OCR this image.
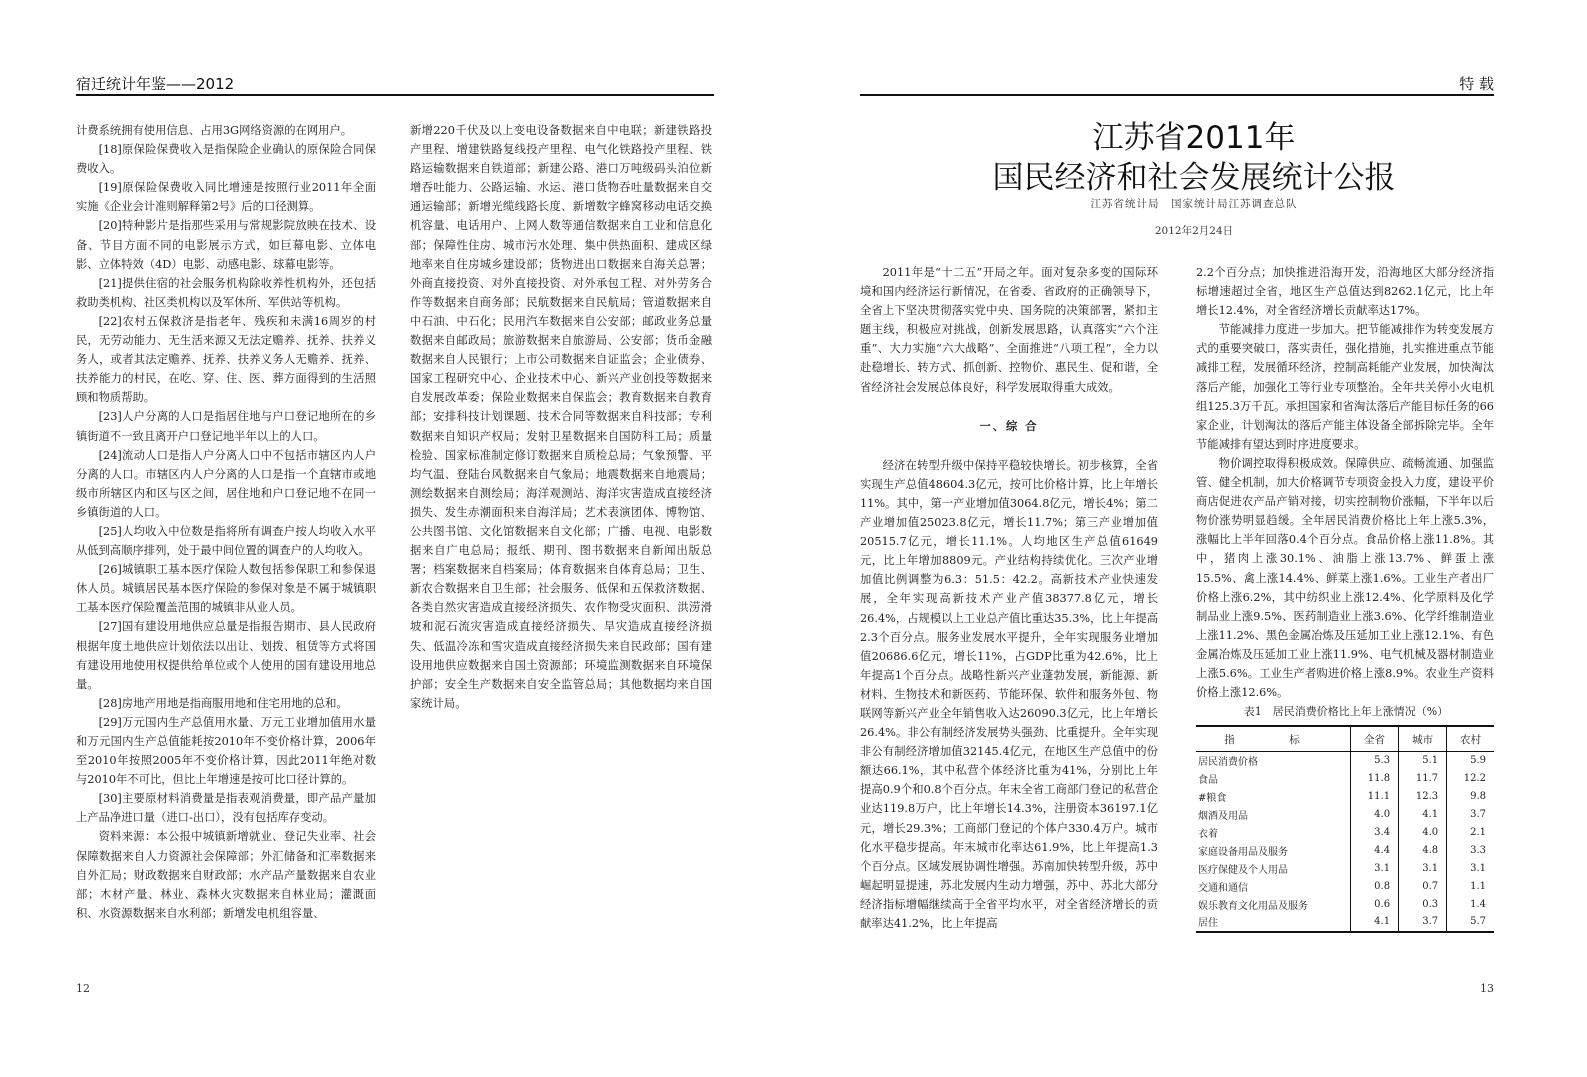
宿迁统计年鉴——2012

计费系统拥有使用信息、占用3G网络资源的在网用户。

[18]原保险保费收入是指保险企业确认的原保险合同保费收入。

[19]原保险保费收入同比增速是按照行业2011年全面实施《企业会计准则解释第2号》后的口径测算。

[20]特种影片是指那些采用与常规影院放映在技术、设备、节目方面不同的电影展示方式，如巨幕电影、立体电影、立体特效（4D）电影、动感电影、球幕电影等。

[21]提供住宿的社会服务机构除收养性机构外，还包括救助类机构、社区类机构以及军休所、军供站等机构。

[22]农村五保救济是指老年、残疾和未满16周岁的村民，无劳动能力、无生活来源又无法定赡养、抚养、扶养义务人，或者其法定赡养、抚养、扶养义务人无赡养、抚养、扶养能力的村民，在吃、穿、住、医、葬方面得到的生活照顾和物质帮助。

[23]人户分离的人口是指居住地与户口登记地所在的乡镇街道不一致且离开户口登记地半年以上的人口。

[24]流动人口是指人户分离人口中不包括市辖区内人户分离的人口。市辖区内人户分离的人口是指一个直辖市或地级市所辖区内和区与区之间，居住地和户口登记地不在同一乡镇街道的人口。

[25]人均收入中位数是指将所有调查户按人均收入水平从低到高顺序排列，处于最中间位置的调查户的人均收入。

[26]城镇职工基本医疗保险人数包括参保职工和参保退休人员。城镇居民基本医疗保险的参保对象是不属于城镇职工基本医疗保险覆盖范围的城镇非从业人员。

[27]国有建设用地供应总量是指报告期市、县人民政府根据年度土地供应计划依法以出让、划拨、租赁等方式将国有建设用地使用权提供给单位或个人使用的国有建设用地总量。

[28]房地产用地是指商服用地和住宅用地的总和。

[29]万元国内生产总值用水量、万元工业增加值用水量和万元国内生产总值能耗按2010年不变价格计算，2006年至2010年按照2005年不变价格计算，因此2011年绝对数与2010年不可比，但比上年增速是按可比口径计算的。

[30]主要原材料消费量是指表观消费量，即产品产量加上产品净进口量（进口-出口），没有包括库存变动。

资料来源：本公报中城镇新增就业、登记失业率、社会保障数据来自人力资源社会保障部；外汇储备和汇率数据来自外汇局；财政数据来自财政部；水产品产量数据来自农业部；木材产量、林业、森林火灾数据来自林业局；灌溉面积、水资源数据来自水利部；新增发电机组容量、

新增220千伏及以上变电设备数据来自中电联；新建铁路投产里程、增建铁路复线投产里程、电气化铁路投产里程、铁路运输数据来自铁道部；新建公路、港口万吨级码头泊位新增吞吐能力、公路运输、水运、港口货物吞吐量数据来自交通运输部；新增光缆线路长度、新增数字蜂窝移动电话交换机容量、电话用户、上网人数等通信数据来自工业和信息化部；保障性住房、城市污水处理、集中供热面积、建成区绿地率来自住房城乡建设部；货物进出口数据来自海关总署；外商直接投资、对外直接投资、对外承包工程、对外劳务合作等数据来自商务部；民航数据来自民航局；管道数据来自中石油、中石化；民用汽车数据来自公安部；邮政业务总量数据来自邮政局；旅游数据来自旅游局、公安部；货币金融数据来自人民银行；上市公司数据来自证监会；企业债券、国家工程研究中心、企业技术中心、新兴产业创投等数据来自发展改革委；保险业数据来自保监会；教育数据来自教育部；安排科技计划课题、技术合同等数据来自科技部；专利数据来自知识产权局；发射卫星数据来自国防科工局；质量检验、国家标准制定修订数据来自质检总局；气象预警、平均气温、登陆台风数据来自气象局；地震数据来自地震局；测绘数据来自测绘局；海洋观测站、海洋灾害造成直接经济损失、发生赤潮面积来自海洋局；艺术表演团体、博物馆、公共图书馆、文化馆数据来自文化部；广播、电视、电影数据来自广电总局；报纸、期刊、图书数据来自新闻出版总署；档案数据来自档案局；体育数据来自体育总局；卫生、新农合数据来自卫生部；社会服务、低保和五保救济数据、各类自然灾害造成直接经济损失、农作物受灾面积、洪涝滑坡和泥石流灾害造成直接经济损失、旱灾造成直接经济损失、低温冷冻和雪灾造成直接经济损失来自民政部；国有建设用地供应数据来自国土资源部；环境监测数据来自环境保护部；安全生产数据来自安全监管总局；其他数据均来自国家统计局。

12
特 载
江苏省2011年
国民经济和社会发展统计公报
江苏省统计局　国家统计局江苏调查总队
2012年2月24日

2011年是“十二五”开局之年。面对复杂多变的国际环境和国内经济运行新情况，在省委、省政府的正确领导下，全省上下坚决贯彻落实党中央、国务院的决策部署，紧扣主题主线，积极应对挑战，创新发展思路，认真落实“六个注重”、大力实施“六大战略”、全面推进“八项工程”，全力以赴稳增长、转方式、抓创新、控物价、惠民生、促和谐，全省经济社会发展总体良好，科学发展取得重大成效。

一、综 合

经济在转型升级中保持平稳较快增长。初步核算，全省实现生产总值48604.3亿元，按可比价格计算，比上年增长11%。其中，第一产业增加值3064.8亿元，增长4%；第二产业增加值25023.8亿元，增长11.7%；第三产业增加值20515.7亿元，增长11.1%。人均地区生产总值61649元，比上年增加8809元。产业结构持续优化。三次产业增加值比例调整为6.3：51.5：42.2。高新技术产业快速发展，全年实现高新技术产业产值38377.8亿元，增长26.4%，占规模以上工业总产值比重达35.3%，比上年提高2.3个百分点。服务业发展水平提升，全年实现服务业增加值20686.6亿元，增长11%，占GDP比重为42.6%，比上年提高1个百分点。战略性新兴产业蓬勃发展，新能源、新材料、生物技术和新医药、节能环保、软件和服务外包、物联网等新兴产业全年销售收入达26090.3亿元，比上年增长26.4%。非公有制经济发展势头强劲、比重提升。全年实现非公有制经济增加值32145.4亿元，在地区生产总值中的份额达66.1%，其中私营个体经济比重为41%，分别比上年提高0.9个和0.8个百分点。年末全省工商部门登记的私营企业达119.8万户，比上年增长14.3%，注册资本36197.1亿元，增长29.3%；工商部门登记的个体户330.4万户。城市化水平稳步提高。年末城市化率达61.9%，比上年提高1.3个百分点。区域发展协调性增强。苏南加快转型升级，苏中崛起明显提速，苏北发展内生动力增强，苏中、苏北大部分经济指标增幅继续高于全省平均水平，对全省经济增长的贡献率达41.2%，比上年提高

2.2个百分点；加快推进沿海开发，沿海地区大部分经济指标增速超过全省，地区生产总值达到8262.1亿元，比上年增长12.4%，对全省经济增长贡献率达17%。

节能减排力度进一步加大。把节能减排作为转变发展方式的重要突破口，落实责任，强化措施，扎实推进重点节能减排工程，发展循环经济，控制高耗能产业发展，加快淘汰落后产能，加强化工等行业专项整治。全年共关停小火电机组125.3万千瓦。承担国家和省淘汰落后产能目标任务的66家企业，计划淘汰的落后产能主体设备全部拆除完毕。全年节能减排有望达到时序进度要求。

物价调控取得积极成效。保障供应、疏畅流通、加强监管、健全机制，加大价格调节专项资金投入力度，建设平价商店促进农产品产销对接，切实控制物价涨幅，下半年以后物价涨势明显趋缓。全年居民消费价格比上年上涨5.3%，涨幅比上半年回落0.4个百分点。食品价格上涨11.8%。其中，猪肉上涨30.1%、油脂上涨13.7%、鲜蛋上涨15.5%、禽上涨14.4%、鲜菜上涨1.6%。工业生产者出厂价格上涨6.2%，其中纺织业上涨12.4%、化学原料及化学制品业上涨9.5%、医药制造业上涨3.6%、化学纤维制造业上涨11.2%、黑色金属冶炼及压延加工业上涨12.1%、有色金属冶炼及压延加工业上涨11.9%、电气机械及器材制造业上涨5.6%。工业生产者购进价格上涨8.9%。农业生产资料价格上涨12.6%。

表1　居民消费价格比上年上涨情况（%）
指　标	全省	城市	农村
居民消费价格	5.3	5.1	5.9
食品	11.8	11.7	12.2
#粮食	11.1	12.3	9.8
烟酒及用品	4.0	4.1	3.7
衣着	3.4	4.0	2.1
家庭设备用品及服务	4.4	4.8	3.3
医疗保健及个人用品	3.1	3.1	3.1
交通和通信	0.8	0.7	1.1
娱乐教育文化用品及服务	0.6	0.3	1.4
居住	4.1	3.7	5.7
13
